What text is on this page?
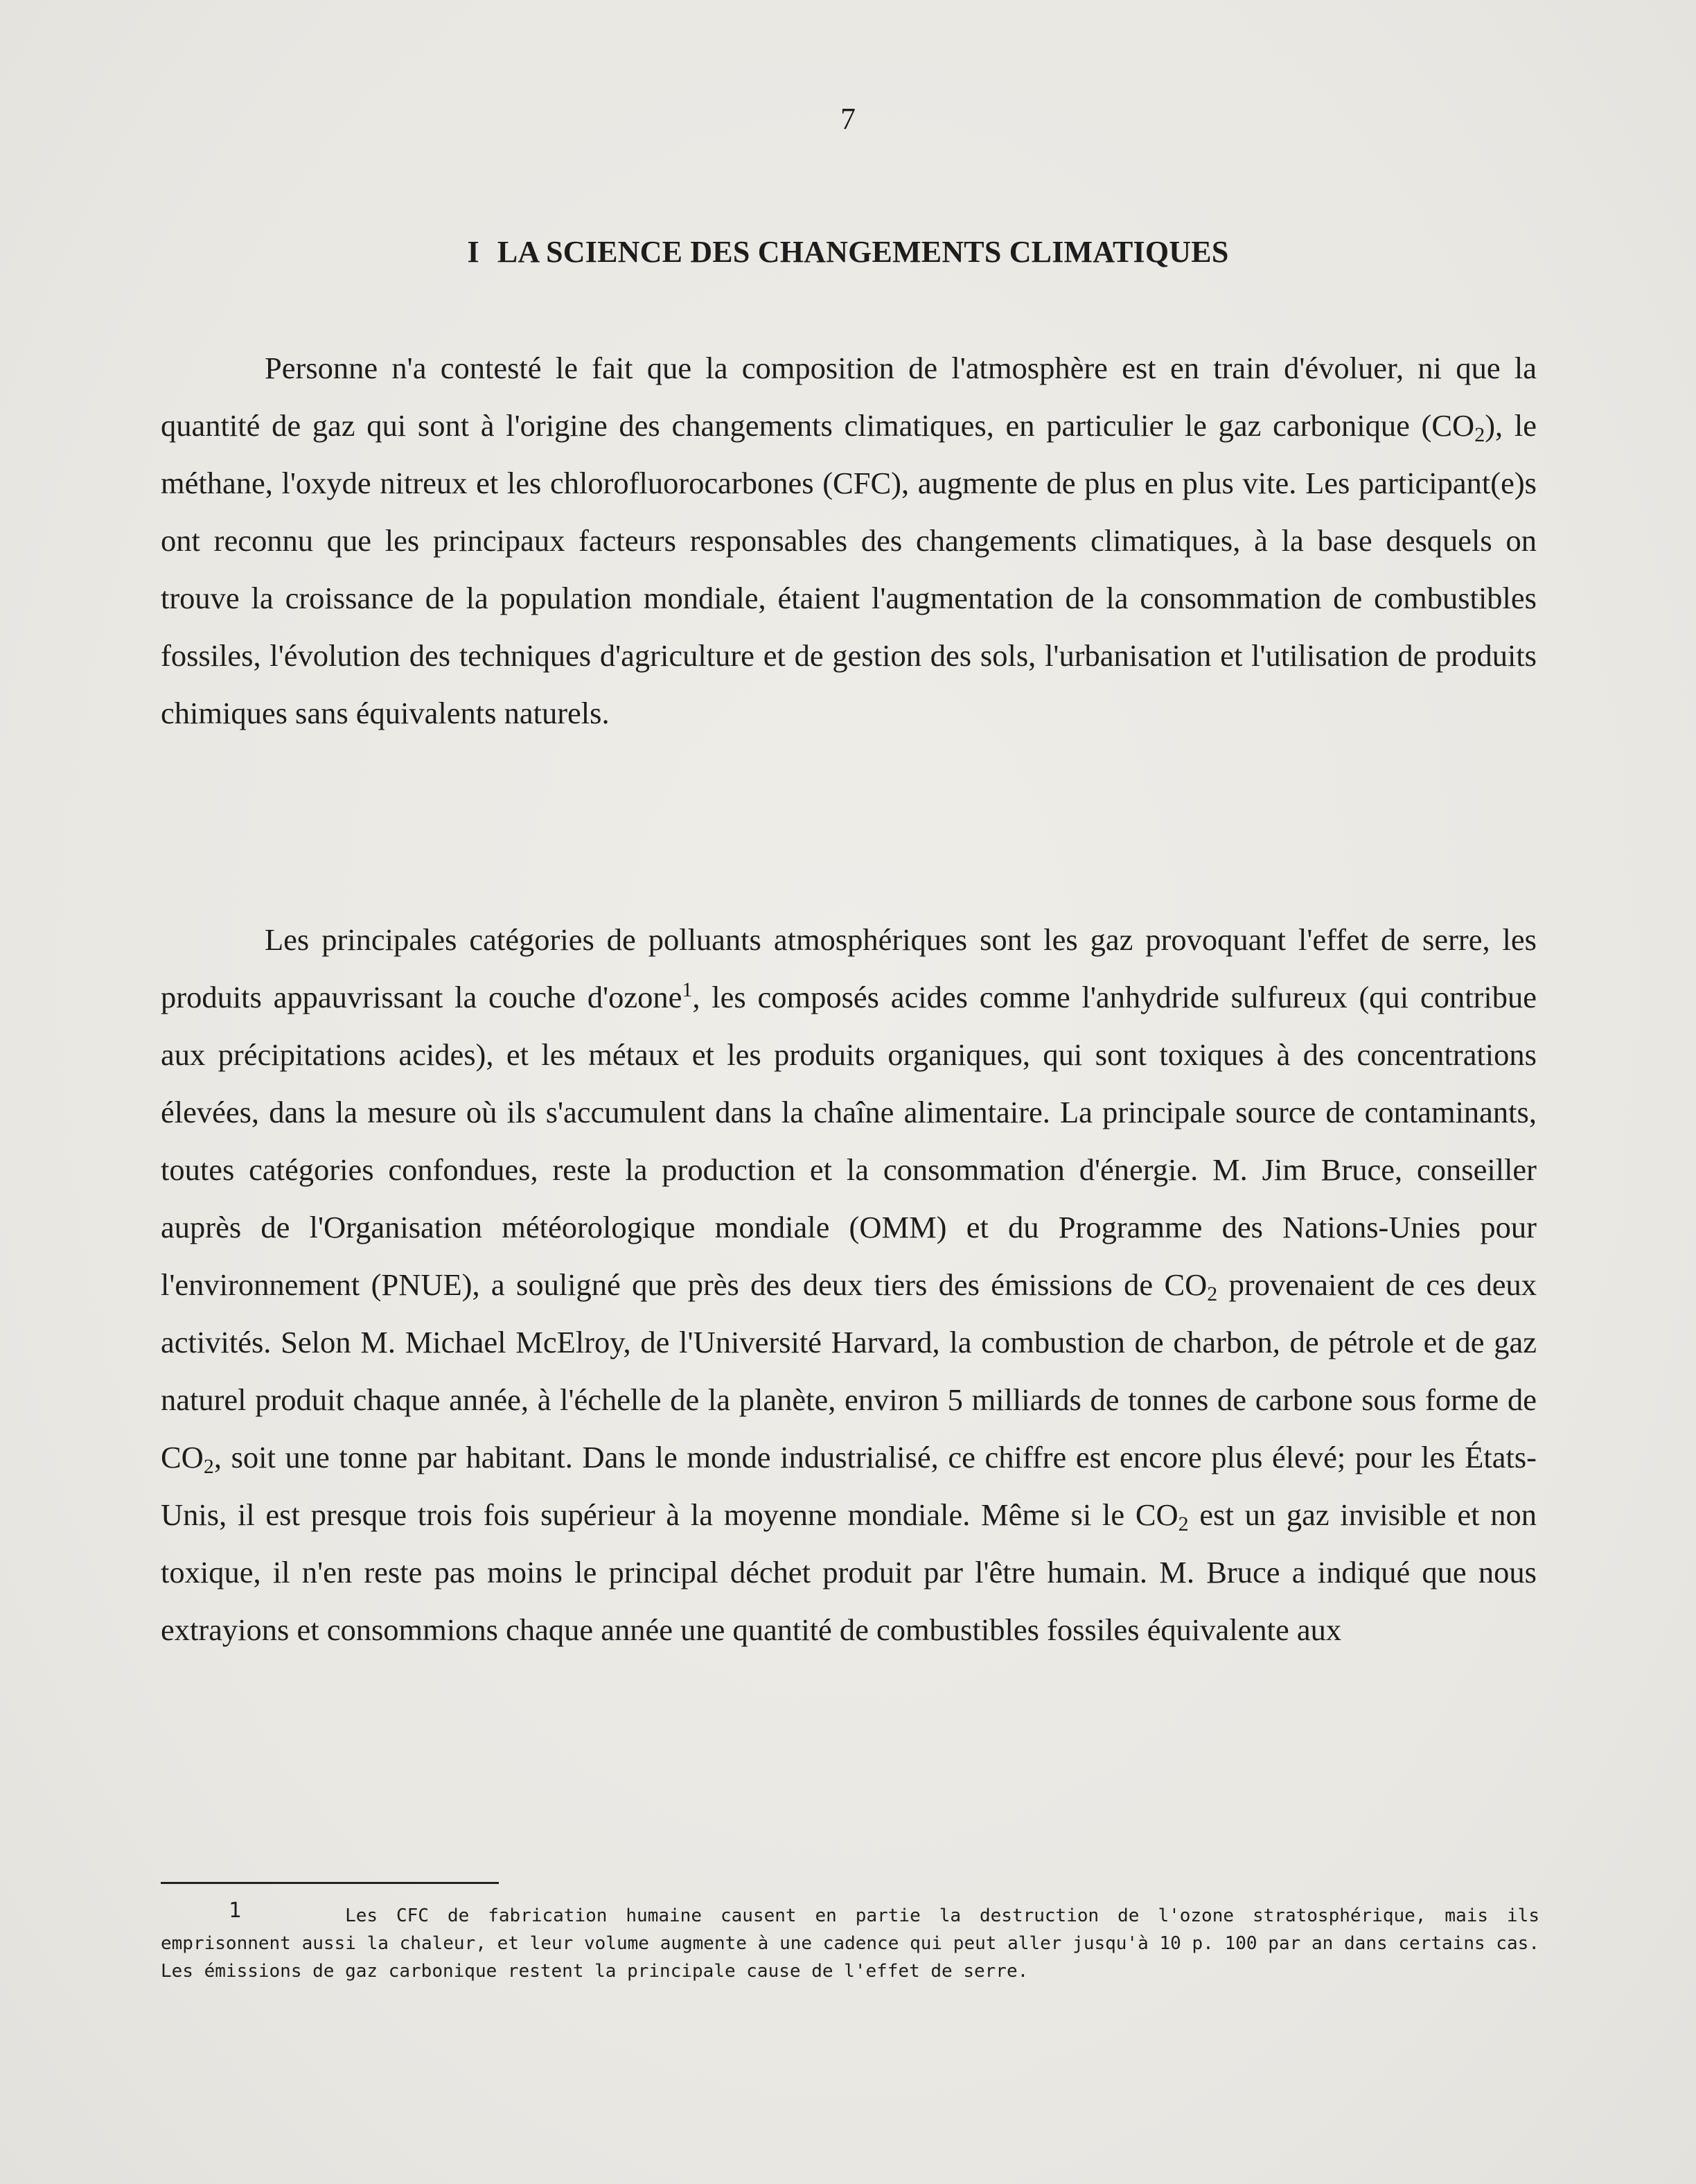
7
I LA SCIENCE DES CHANGEMENTS CLIMATIQUES

Personne n'a contesté le fait que la composition de l'atmosphère est en train d'évoluer, ni que la quantité de gaz qui sont à l'origine des changements climatiques, en particulier le gaz carbonique $(CO_2)$, le méthane, l'oxyde nitreux et les chlorofluorocarbones (CFC), augmente de plus en plus vite. Les participant(e)s ont reconnu que les principaux facteurs responsables des changements climatiques, à la base desquels on trouve la croissance de la population mondiale, étaient l'augmentation de la consommation de combustibles fossiles, l'évolution des techniques d'agriculture et de gestion des sols, l'urbanisation et l'utilisation de produits chimiques sans équivalents naturels.

Les principales catégories de polluants atmosphériques sont les gaz provoquant l'effet de serre, les produits appauvrissant la couche d'ozone$^1$, les composés acides comme l'anhydride sulfureux (qui contribue aux précipitations acides), et les métaux et les produits organiques, qui sont toxiques à des concentrations élevées, dans la mesure où ils s'accumulent dans la chaîne alimentaire. La principale source de contaminants, toutes catégories confondues, reste la production et la consommation d'énergie. M. Jim Bruce, conseiller auprès de l'Organisation météorologique mondiale (OMM) et du Programme des Nations-Unies pour l'environnement (PNUE), a souligné que près des deux tiers des émissions de $CO_2$ provenaient de ces deux activités. Selon M. Michael McElroy, de l'Université Harvard, la combustion de charbon, de pétrole et de gaz naturel produit chaque année, à l'échelle de la planète, environ 5 milliards de tonnes de carbone sous forme de $CO_2$, soit une tonne par habitant. Dans le monde industrialisé, ce chiffre est encore plus élevé; pour les États-Unis, il est presque trois fois supérieur à la moyenne mondiale. Même si le $CO_2$ est un gaz invisible et non toxique, il n'en reste pas moins le principal déchet produit par l'être humain. M. Bruce a indiqué que nous extrayions et consommions chaque année une quantité de combustibles fossiles équivalente aux

1	Les CFC de fabrication humaine causent en partie la destruction de l'ozone stratosphérique, mais ils emprisonnent aussi la chaleur, et leur volume augmente à une cadence qui peut aller jusqu'à 10 p. 100 par an dans certains cas. Les émissions de gaz carbonique restent la principale cause de l'effet de serre.
